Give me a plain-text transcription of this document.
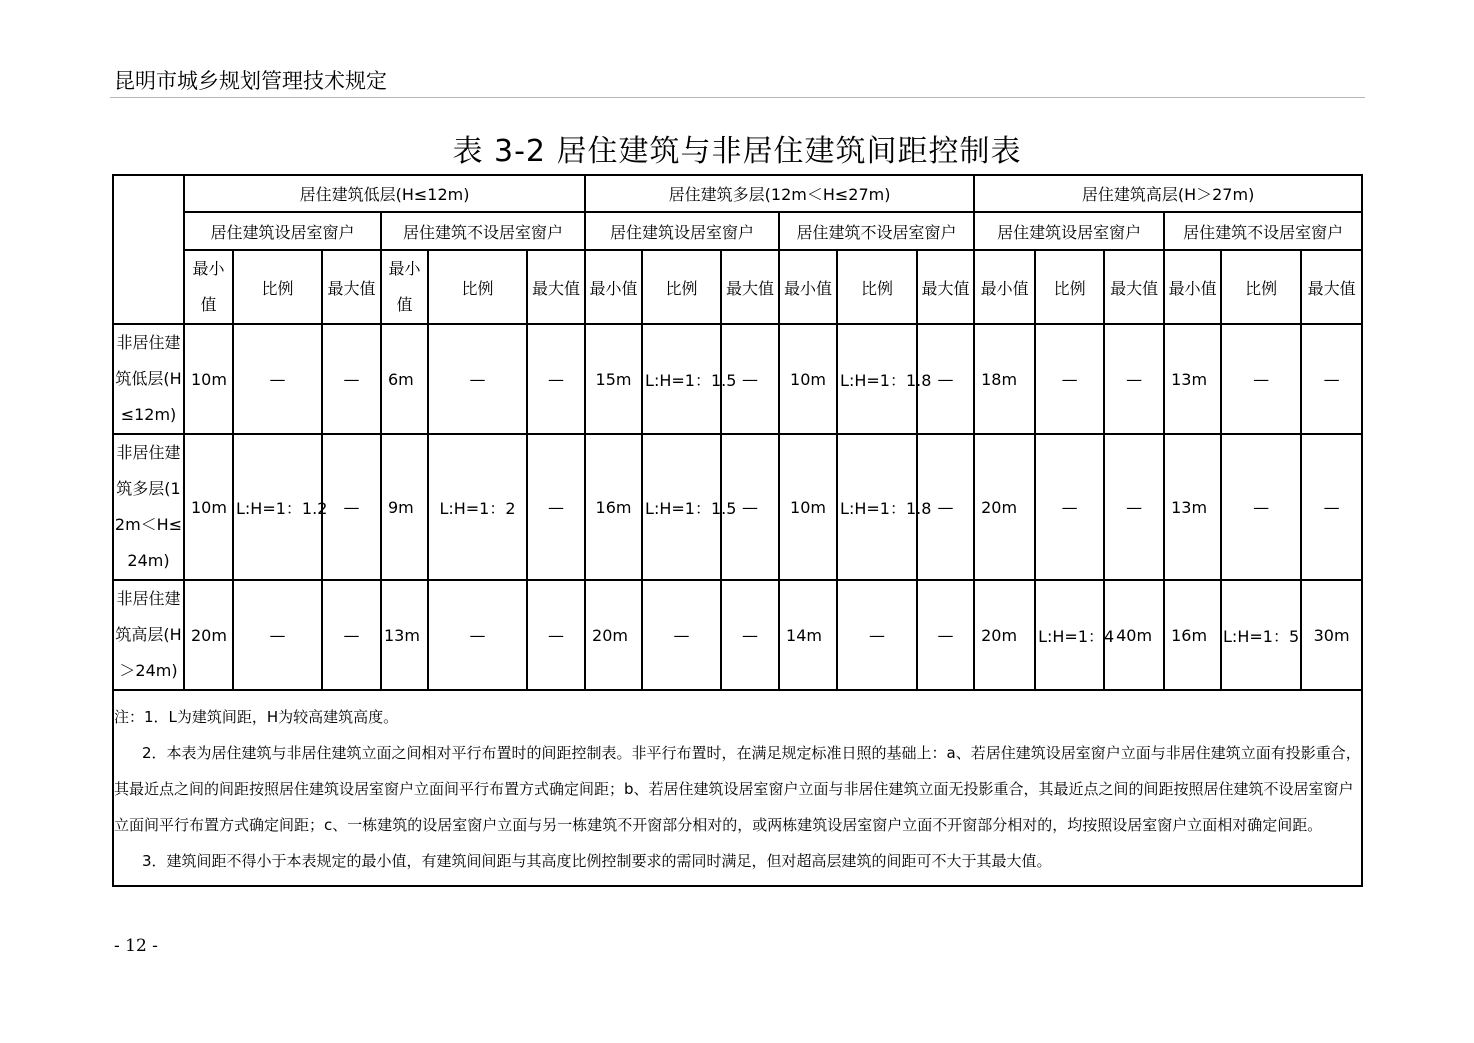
昆明市城乡规划管理技术规定
表 3-2 居住建筑与非居住建筑间距控制表
	居住建筑低层(H≤12m)						居住建筑多层(12m＜H≤27m)						居住建筑高层(H＞27m)					
	居住建筑设居室窗户			居住建筑不设居室窗户			居住建筑设居室窗户			居住建筑不设居室窗户			居住建筑设居室窗户			居住建筑不设居室窗户		
	最小值	比例	最大值	最小值	比例	最大值	最小值	比例	最大值	最小值	比例	最大值	最小值	比例	最大值	最小值	比例	最大值
非居住建筑低层(H≤12m)	10m	—	—	6m	—	—	15m	L:H=1：1.5	—	10m	L:H=1：1.8	—	18m	—	—	13m	—	—
非居住建筑多层(12m＜H≤24m)	10m	L:H=1：1.2	—	9m	L:H=1：2	—	16m	L:H=1：1.5	—	10m	L:H=1：1.8	—	20m	—	—	13m	—	—
非居住建筑高层(H＞24m)	20m	—	—	13m	—	—	20m	—	—	14m	—	—	20m	L:H=1：4	40m	16m	L:H=1：5	30m

注：1．L为建筑间距，H为较高建筑高度。
2．本表为居住建筑与非居住建筑立面之间相对平行布置时的间距控制表。非平行布置时，在满足规定标准日照的基础上：a、若居住建筑设居室窗户立面与非居住建筑立面有投影重合，其最近点之间的间距按照居住建筑设居室窗户立面间平行布置方式确定间距；b、若居住建筑设居室窗户立面与非居住建筑立面无投影重合，其最近点之间的间距按照居住建筑不设居室窗户立面间平行布置方式确定间距；c、一栋建筑的设居室窗户立面与另一栋建筑不开窗部分相对的，或两栋建筑设居室窗户立面不开窗部分相对的，均按照设居室窗户立面相对确定间距。
3．建筑间距不得小于本表规定的最小值，有建筑间间距与其高度比例控制要求的需同时满足，但对超高层建筑的间距可不大于其最大值。																		
- 12 -
